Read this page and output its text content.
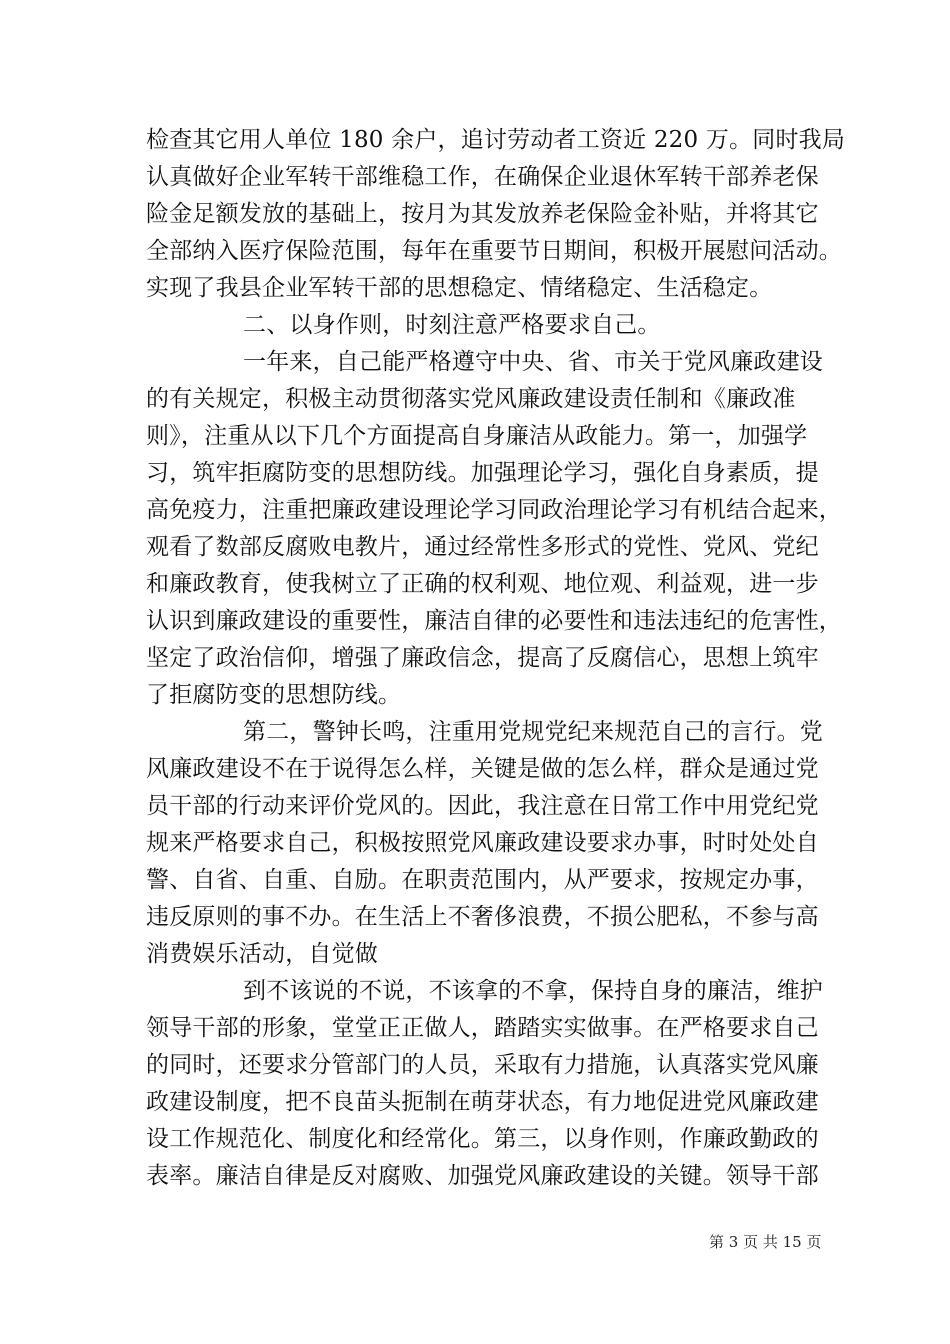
检查其它用人单位 180 余户，追讨劳动者工资近 220 万。同时我局
认真做好企业军转干部维稳工作，在确保企业退休军转干部养老保
险金足额发放的基础上，按月为其发放养老保险金补贴，并将其它
全部纳入医疗保险范围，每年在重要节日期间，积极开展慰问活动。
实现了我县企业军转干部的思想稳定、情绪稳定、生活稳定。
二、以身作则，时刻注意严格要求自己。
一年来，自己能严格遵守中央、省、市关于党风廉政建设
的有关规定，积极主动贯彻落实党风廉政建设责任制和《廉政准
则》，注重从以下几个方面提高自身廉洁从政能力。第一，加强学
习，筑牢拒腐防变的思想防线。加强理论学习，强化自身素质，提
高免疫力，注重把廉政建设理论学习同政治理论学习有机结合起来，
观看了数部反腐败电教片，通过经常性多形式的党性、党风、党纪
和廉政教育，使我树立了正确的权利观、地位观、利益观，进一步
认识到廉政建设的重要性，廉洁自律的必要性和违法违纪的危害性，
坚定了政治信仰，增强了廉政信念，提高了反腐信心，思想上筑牢
了拒腐防变的思想防线。
第二，警钟长鸣，注重用党规党纪来规范自己的言行。党
风廉政建设不在于说得怎么样，关键是做的怎么样，群众是通过党
员干部的行动来评价党风的。因此，我注意在日常工作中用党纪党
规来严格要求自己，积极按照党风廉政建设要求办事，时时处处自
警、自省、自重、自励。在职责范围内，从严要求，按规定办事，
违反原则的事不办。在生活上不奢侈浪费，不损公肥私，不参与高
消费娱乐活动，自觉做
到不该说的不说，不该拿的不拿，保持自身的廉洁，维护
领导干部的形象，堂堂正正做人，踏踏实实做事。在严格要求自己
的同时，还要求分管部门的人员，采取有力措施，认真落实党风廉
政建设制度，把不良苗头扼制在萌芽状态，有力地促进党风廉政建
设工作规范化、制度化和经常化。第三，以身作则，作廉政勤政的
表率。廉洁自律是反对腐败、加强党风廉政建设的关键。领导干部
第 3 页 共 15 页
